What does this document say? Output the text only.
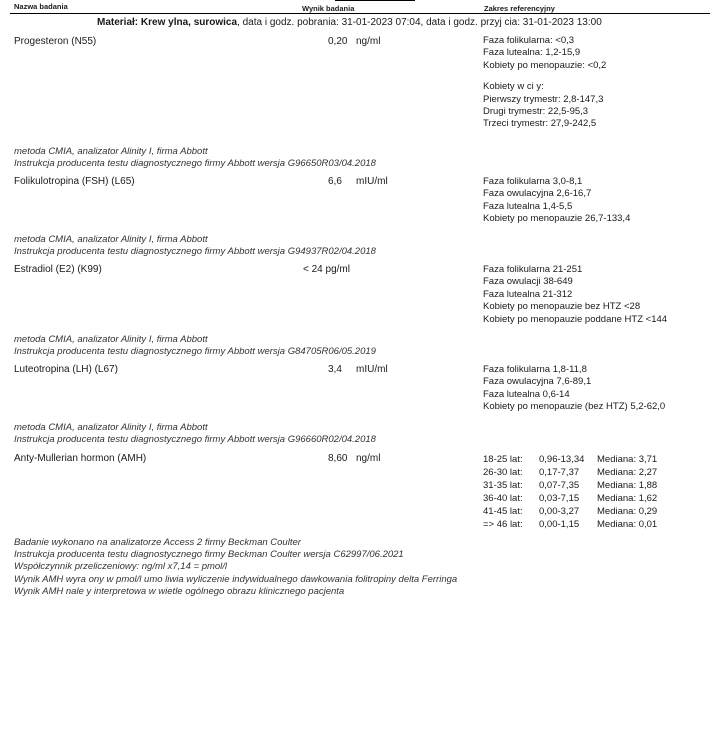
Nazwa badania	Wynik badania	Zakres referencyjny
Materiał: Krew ylna, surowica, data i godz. pobrania: 31-01-2023 07:04, data i godz. przyj cia: 31-01-2023 13:00
Progesteron (N55)	0,20 ng/ml	Faza folikularna: <0,3
Faza lutealna: 1,2-15,9
Kobiety po menopauzie: <0,2
Kobiety w ci y:
Pierwszy trymestr: 2,8-147,3
Drugi trymestr: 22,5-95,3
Trzeci trymestr: 27,9-242,5
metoda CMIA, analizator Alinity I, firma Abbott
Instrukcja producenta testu diagnostycznego firmy Abbott wersja G96650R03/04.2018
Folikulotropina (FSH) (L65)	6,6 mIU/ml	Faza folikularna 3,0-8,1
Faza owulacyjna 2,6-16,7
Faza lutealna 1,4-5,5
Kobiety po menopauzie 26,7-133,4
metoda CMIA, analizator Alinity I, firma Abbott
Instrukcja producenta testu diagnostycznego firmy Abbott wersja G94937R02/04.2018
Estradiol (E2) (K99)	< 24 pg/ml	Faza folikularna 21-251
Faza owulacji 38-649
Faza lutealna 21-312
Kobiety po menopauzie bez HTZ <28
Kobiety po menopauzie poddane HTZ <144
metoda CMIA, analizator Alinity I, firma Abbott
Instrukcja producenta testu diagnostycznego firmy Abbott wersja G84705R06/05.2019
Luteotropina (LH) (L67)	3,4 mIU/ml	Faza folikularna 1,8-11,8
Faza owulacyjna 7,6-89,1
Faza lutealna 0,6-14
Kobiety po menopauzie (bez HTZ) 5,2-62,0
metoda CMIA, analizator Alinity I, firma Abbott
Instrukcja producenta testu diagnostycznego firmy Abbott wersja G96660R02/04.2018
Anty-Mullerian hormon (AMH)	8,60 ng/ml	18-25 lat:	0,96-13,34	Mediana: 3,71
26-30 lat:	0,17-7,37	Mediana: 2,27
31-35 lat:	0,07-7,35	Mediana: 1,88
36-40 lat:	0,03-7,15	Mediana: 1,62
41-45 lat:	0,00-3,27	Mediana: 0,29
=> 46 lat:	0,00-1,15	Mediana: 0,01
Badanie wykonano na analizatorze Access 2 firmy Beckman Coulter
Instrukcja producenta testu diagnostycznego firmy Beckman Coulter wersja C62997/06.2021
Współczynnik przeliczeniowy: ng/ml x7,14 = pmol/l
Wynik AMH wyra ony w pmol/l umo liwia wyliczenie indywidualnego dawkowania folitropiny delta Ferringa
Wynik AMH nale y interpretowa w wietle ogólnego obrazu klinicznego pacjenta
